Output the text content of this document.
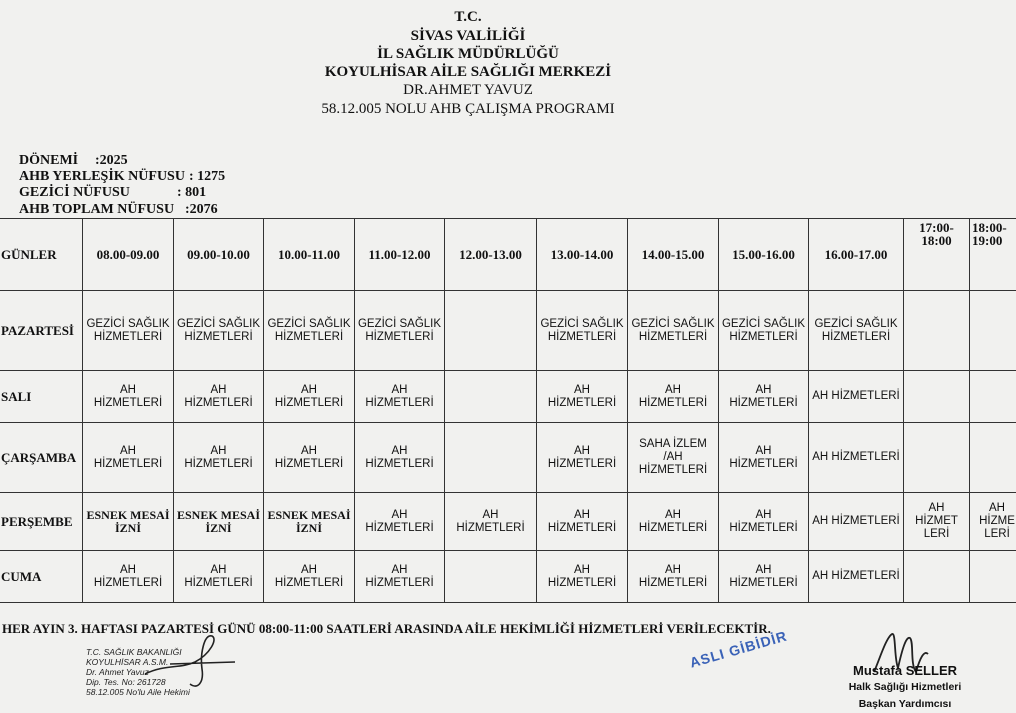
T.C.
SİVAS VALİLİĞİ
İL SAĞLIK MÜDÜRLÜĞÜ
KOYULHİSAR AİLE SAĞLIĞI MERKEZİ
DR.AHMET YAVUZ
58.12.005 NOLU AHB ÇALIŞMA PROGRAMI

DÖNEMİ :2025

AHB YERLEŞİK NÜFUSU : 1275

GEZİCİ NÜFUSU	: 801

AHB TOPLAM NÜFUSU :2076

GÜNLER	08.00-09.00	09.00-10.00	10.00-11.00	11.00-12.00	12.00-13.00	13.00-14.00	14.00-15.00	15.00-16.00	16.00-17.00	17:00-18:00	18:00-19:00
PAZARTESİ	GEZİCİ SAĞLIK HİZMETLERİ	GEZİCİ SAĞLIK HİZMETLERİ	GEZİCİ SAĞLIK HİZMETLERİ	GEZİCİ SAĞLIK HİZMETLERİ		GEZİCİ SAĞLIK HİZMETLERİ	GEZİCİ SAĞLIK HİZMETLERİ	GEZİCİ SAĞLIK HİZMETLERİ	GEZİCİ SAĞLIK HİZMETLERİ		
SALI	AH HİZMETLERİ	AH HİZMETLERİ	AH HİZMETLERİ	AH HİZMETLERİ		AH HİZMETLERİ	AH HİZMETLERİ	AH HİZMETLERİ	AH HİZMETLERİ		
ÇARŞAMBA	AH HİZMETLERİ	AH HİZMETLERİ	AH HİZMETLERİ	AH HİZMETLERİ		AH HİZMETLERİ	SAHA İZLEM /AH HİZMETLERİ	AH HİZMETLERİ	AH HİZMETLERİ		
PERŞEMBE	ESNEK MESAİ İZNİ	ESNEK MESAİ İZNİ	ESNEK MESAİ İZNİ	AH HİZMETLERİ	AH HİZMETLERİ	AH HİZMETLERİ	AH HİZMETLERİ	AH HİZMETLERİ	AH HİZMETLERİ	AH HİZMET LERİ	AH HİZME LERİ
CUMA	AH HİZMETLERİ	AH HİZMETLERİ	AH HİZMETLERİ	AH HİZMETLERİ		AH HİZMETLERİ	AH HİZMETLERİ	AH HİZMETLERİ	AH HİZMETLERİ		
HER AYIN 3. HAFTASI PAZARTESİ GÜNÜ 08:00-11:00 SAATLERİ ARASINDA AİLE HEKİMLİĞİ HİZMETLERİ VERİLECEKTİR.
T.C. SAĞLIK BAKANLIĞI
KOYULHİSAR A.S.M.
Dr. Ahmet Yavuz
Dip. Tes. No: 261728
58.12.005 No'lu Aile Hekimi
ASLI GİBİDİR	Mustafa SELLER
Halk Sağlığı Hizmetleri
Başkan Yardımcısı
